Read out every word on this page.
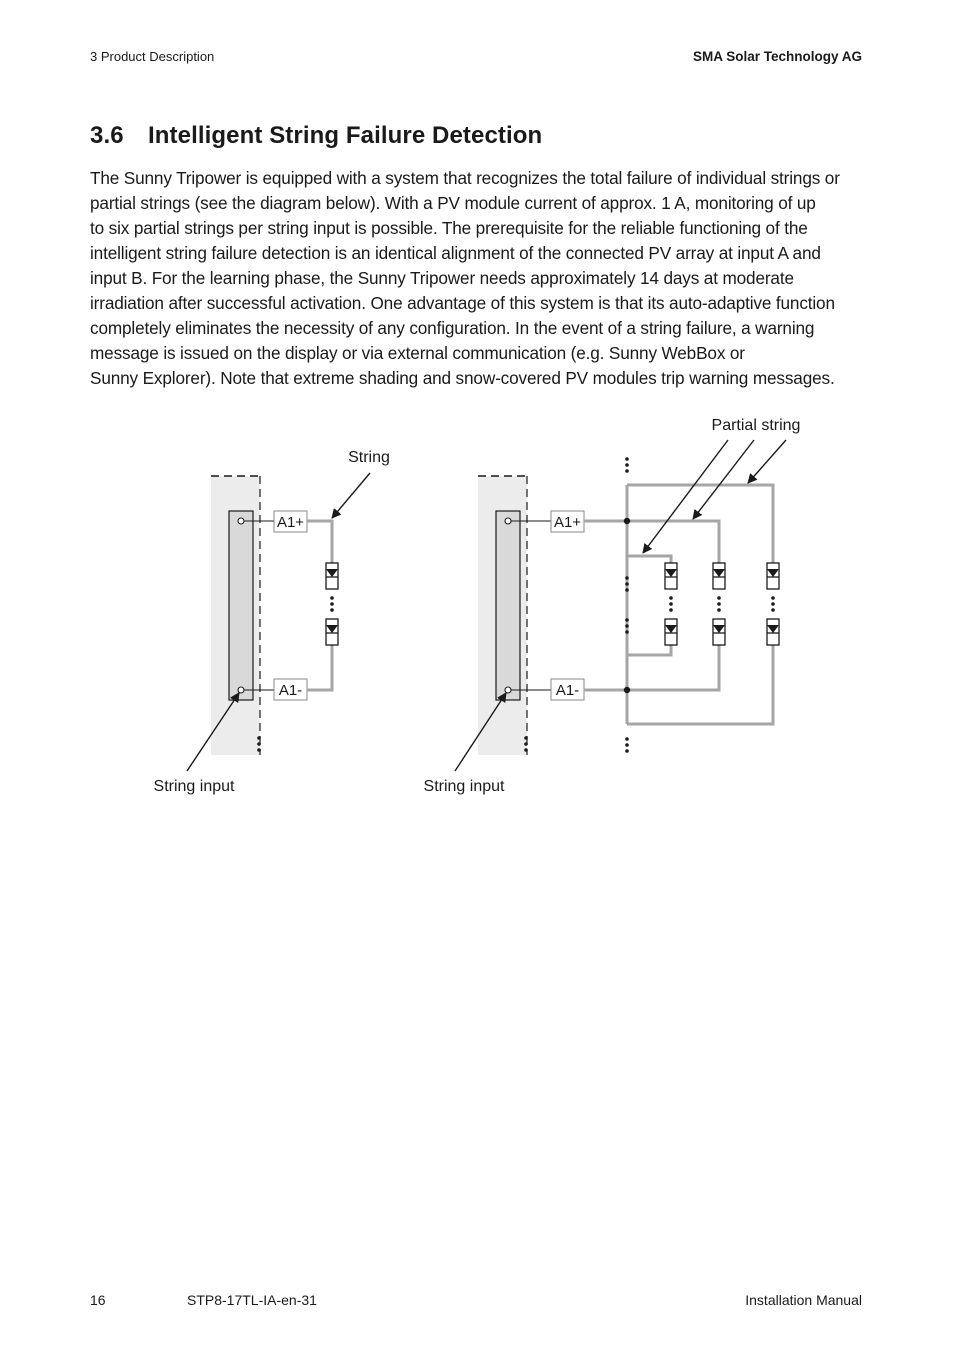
3 Product Description	SMA Solar Technology AG
3.6 Intelligent String Failure Detection

The Sunny Tripower is equipped with a system that recognizes the total failure of individual strings or
partial strings (see the diagram below). With a PV module current of approx. 1 A, monitoring of up
to six partial strings per string input is possible. The prerequisite for the reliable functioning of the
intelligent string failure detection is an identical alignment of the connected PV array at input A and
input B. For the learning phase, the Sunny Tripower needs approximately 14 days at moderate
irradiation after successful activation. One advantage of this system is that its auto-adaptive function
completely eliminates the necessity of any configuration. In the event of a string failure, a warning
message is issued on the display or via external communication (e.g. Sunny WebBox or
Sunny Explorer). Note that extreme shading and snow-covered PV modules trip warning messages.

A1+
A1-
String
String input
A1+
A1-
Partial string
String input
16	STP8-17TL-IA-en-31	Installation Manual
